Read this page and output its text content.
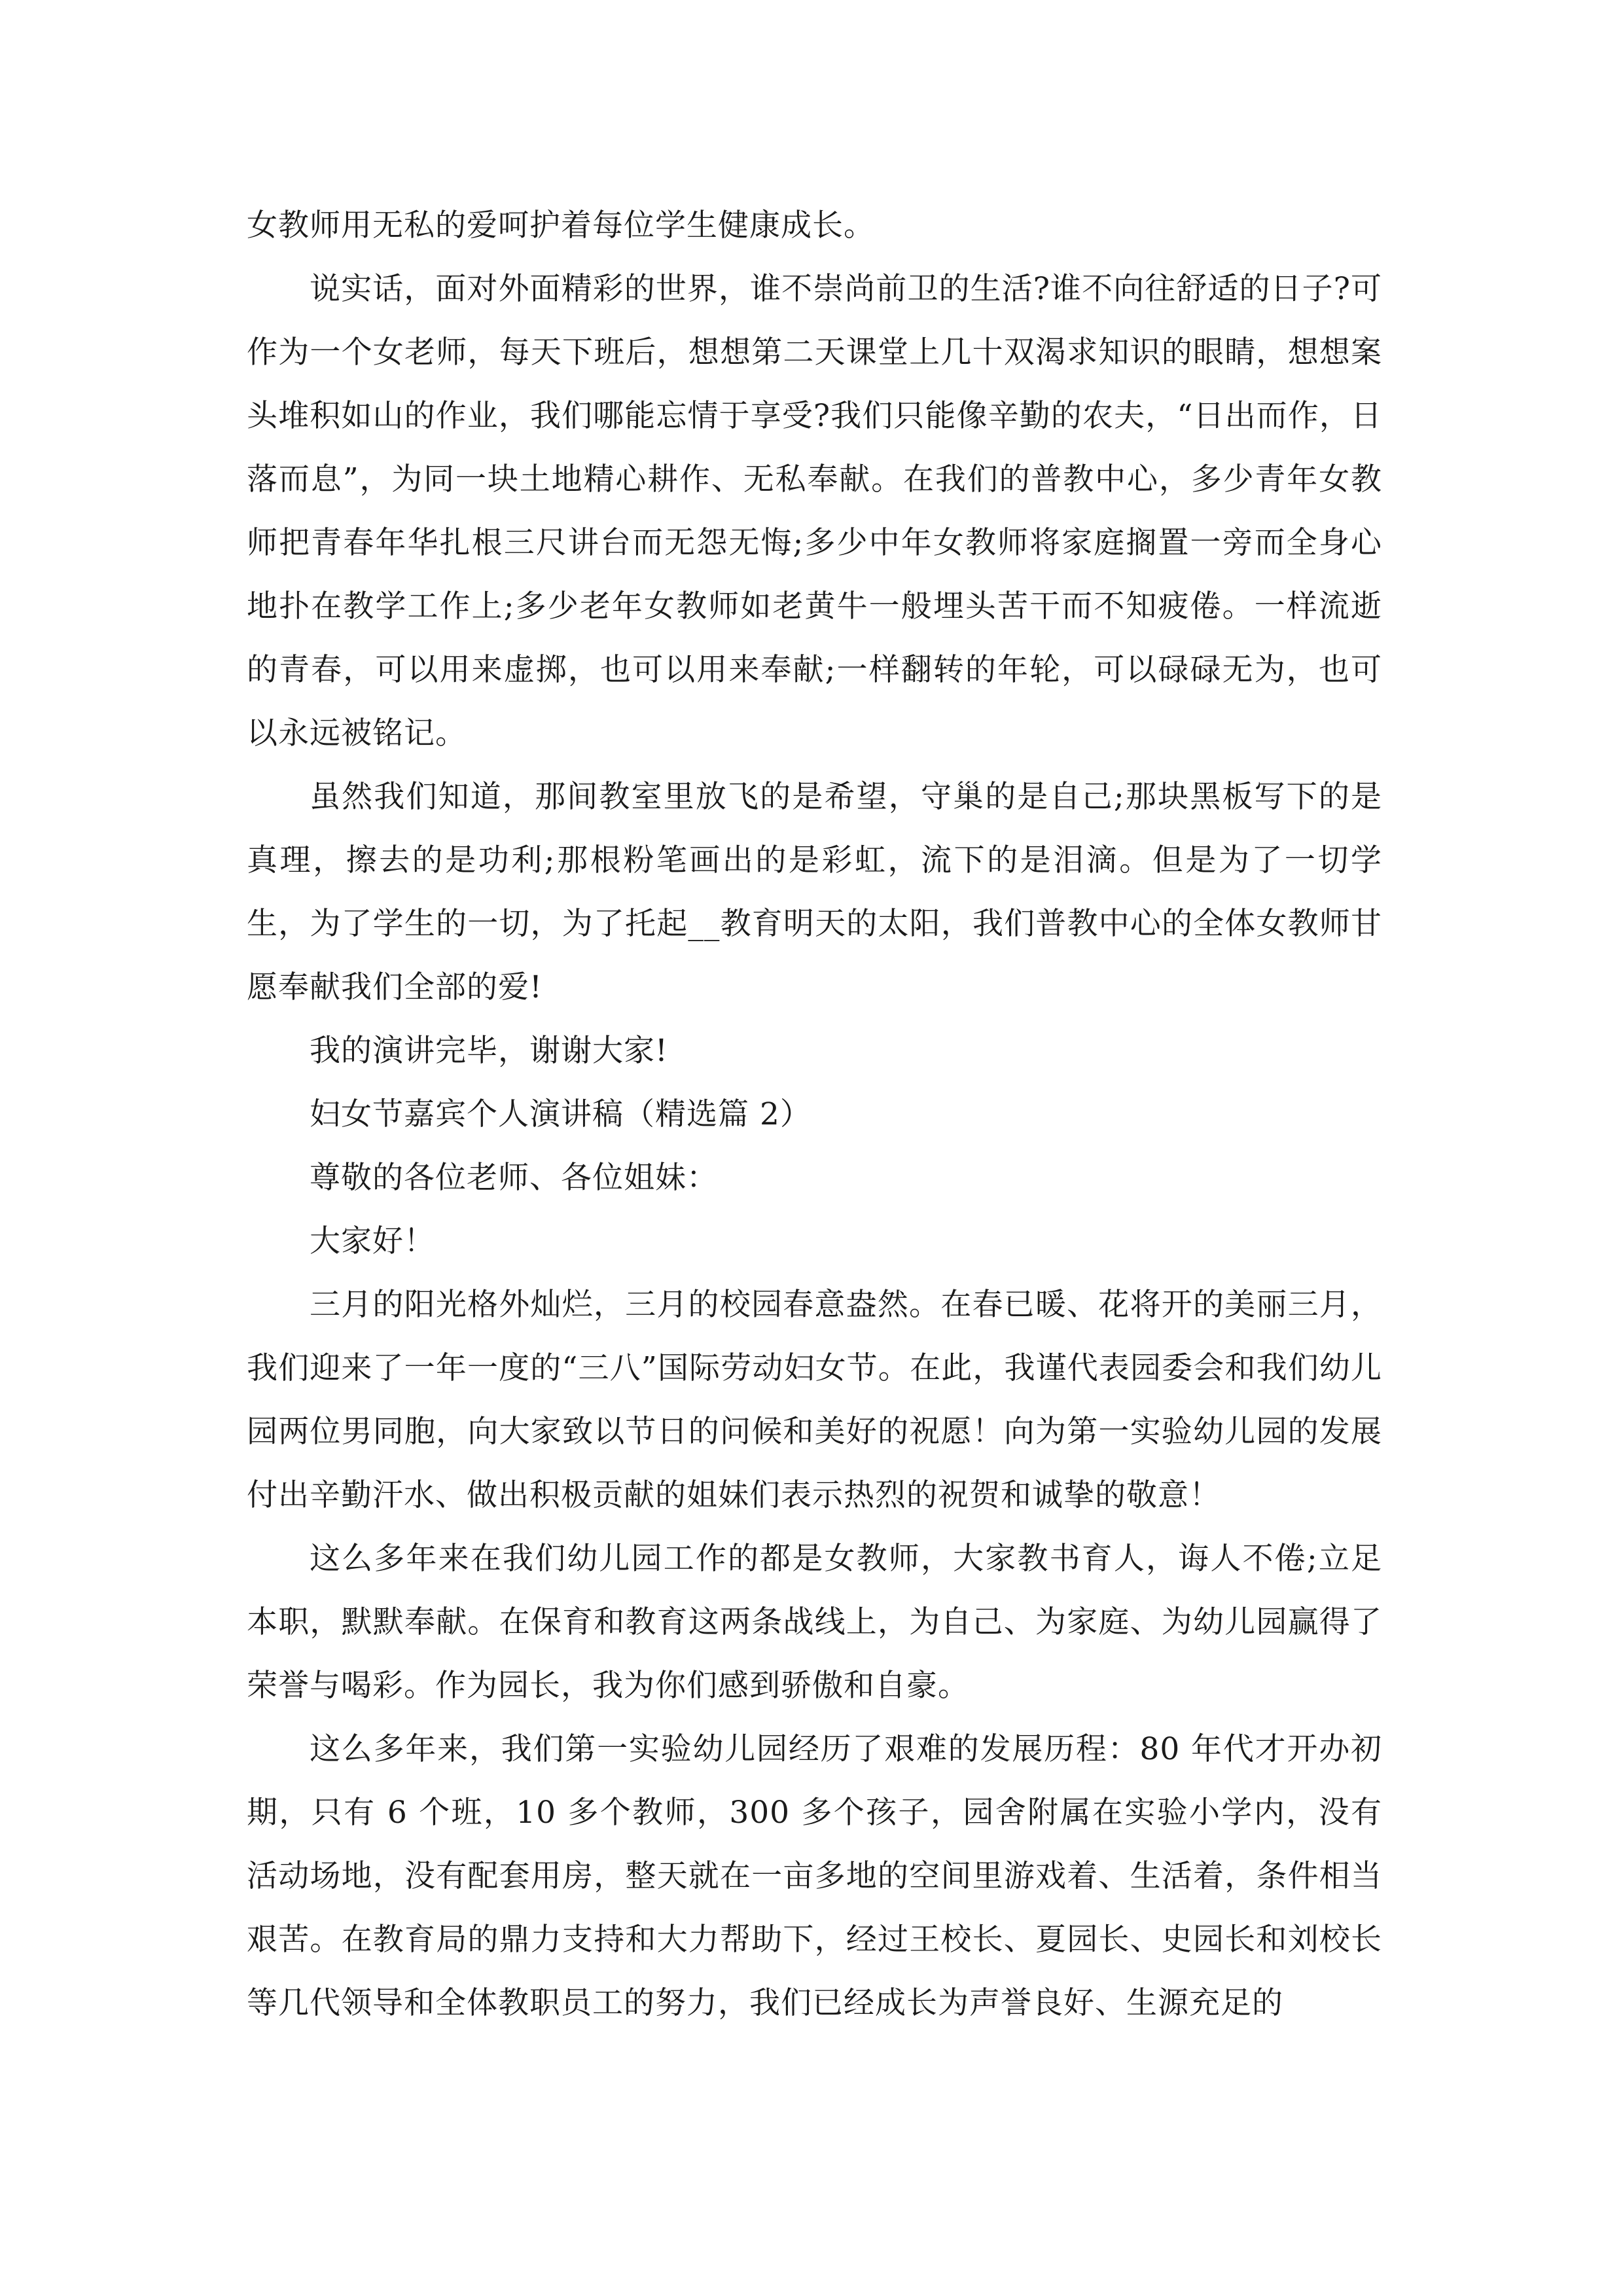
女教师用无私的爱呵护着每位学生健康成长。

说实话，面对外面精彩的世界，谁不崇尚前卫的生活?谁不向往舒适的日子?可作为一个女老师，每天下班后，想想第二天课堂上几十双渴求知识的眼睛，想想案头堆积如山的作业，我们哪能忘情于享受?我们只能像辛勤的农夫，“日出而作，日落而息”，为同一块土地精心耕作、无私奉献。在我们的普教中心，多少青年女教师把青春年华扎根三尺讲台而无怨无悔;多少中年女教师将家庭搁置一旁而全身心地扑在教学工作上;多少老年女教师如老黄牛一般埋头苦干而不知疲倦。一样流逝的青春，可以用来虚掷，也可以用来奉献;一样翻转的年轮，可以碌碌无为，也可以永远被铭记。

虽然我们知道，那间教室里放飞的是希望，守巢的是自己;那块黑板写下的是真理，擦去的是功利;那根粉笔画出的是彩虹，流下的是泪滴。但是为了一切学生，为了学生的一切，为了托起__教育明天的太阳，我们普教中心的全体女教师甘愿奉献我们全部的爱!

我的演讲完毕，谢谢大家!

妇女节嘉宾个人演讲稿（精选篇 2）

尊敬的各位老师、各位姐妹：

大家好！

三月的阳光格外灿烂，三月的校园春意盎然。在春已暖、花将开的美丽三月，我们迎来了一年一度的“三八”国际劳动妇女节。在此，我谨代表园委会和我们幼儿园两位男同胞，向大家致以节日的问候和美好的祝愿！向为第一实验幼儿园的发展付出辛勤汗水、做出积极贡献的姐妹们表示热烈的祝贺和诚挚的敬意！

这么多年来在我们幼儿园工作的都是女教师，大家教书育人，诲人不倦;立足本职，默默奉献。在保育和教育这两条战线上，为自己、为家庭、为幼儿园赢得了荣誉与喝彩。作为园长，我为你们感到骄傲和自豪。

这么多年来，我们第一实验幼儿园经历了艰难的发展历程：80 年代才开办初期，只有 6 个班，10 多个教师，300 多个孩子，园舍附属在实验小学内，没有活动场地，没有配套用房，整天就在一亩多地的空间里游戏着、生活着，条件相当艰苦。在教育局的鼎力支持和大力帮助下，经过王校长、夏园长、史园长和刘校长等几代领导和全体教职员工的努力，我们已经成长为声誉良好、生源充足的
